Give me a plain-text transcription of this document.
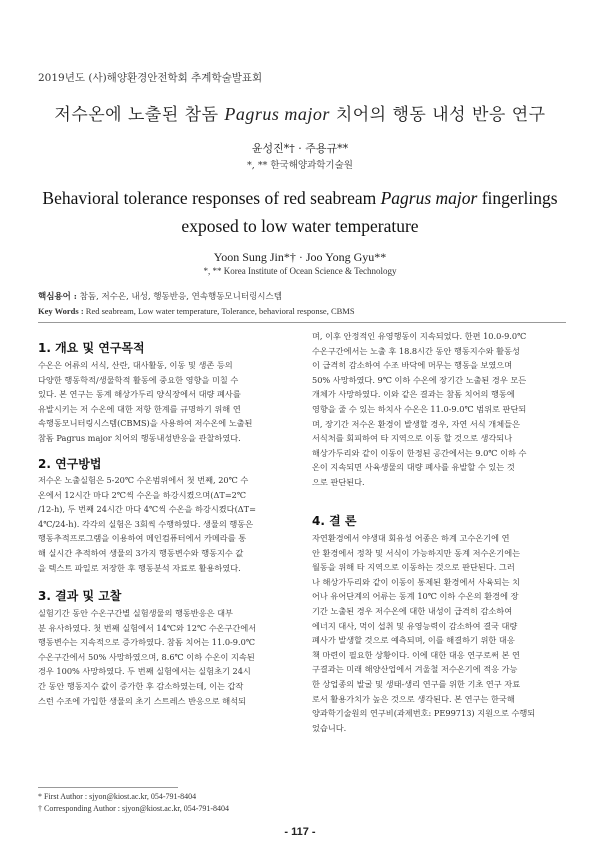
2019년도 (사)해양환경안전학회 추계학술발표회
저수온에 노출된 참돔 Pagrus major 치어의 행동 내성 반응 연구
윤성진*† · 주용규**
*, ** 한국해양과학기술원
Behavioral tolerance responses of red seabream Pagrus major fingerlings exposed to low water temperature
Yoon Sung Jin*† · Joo Yong Gyu**
*, ** Korea Institute of Ocean Science & Technology
핵심용어 : 참돔, 저수온, 내성, 행동반응, 연속행동모니터링시스템
Key Words : Red seabream, Low water temperature, Tolerance, behavioral response, CBMS
1. 개요 및 연구목적

수온은 어류의 서식, 산란, 대사활동, 이동 및 생존 등의
다양한 행동학적/생물학적 활동에 중요한 영향을 미칠 수
있다. 본 연구는 동계 해상가두리 양식장에서 대량 폐사를
유발시키는 저 수온에 대한 저항 한계를 규명하기 위해 연
속행동모니터링시스템(CBMS)을 사용하여 저수온에 노출된
참돔 Pagrus major 치어의 행동내성반응을 관찰하였다.

2. 연구방법

저수온 노출실험은 5-20℃ 수온범위에서 첫 번째, 20℃ 수
온에서 12시간 마다 2℃씩 수온을 하강시켰으며(ΔT=2℃
/12-h), 두 번째 24시간 마다 4℃씩 수온을 하강시켰다(ΔT=
4℃/24-h). 각각의 실험은 3회씩 수행하였다. 생물의 행동은
행동추적프로그램을 이용하여 메인컴퓨터에서 카메라를 통
해 실시간 추적하여 생물의 3가지 행동변수와 행동지수 값
을 텍스트 파일로 저장한 후 행동분석 자료로 활용하였다.

3. 결과 및 고찰

실험기간 동안 수온구간별 실험생물의 행동반응은 대부
분 유사하였다. 첫 번째 실험에서 14℃와 12℃ 수온구간에서
행동변수는 지속적으로 증가하였다. 참돔 치어는 11.0-9.0℃
수온구간에서 50% 사망하였으며, 8.6℃ 이하 수온이 지속된
경우 100% 사망하였다. 두 번째 실험에서는 실험초기 24시
간 동안 행동지수 값이 증가한 후 감소하였는데, 이는 갑작
스런 수조에 가입한 생물의 초기 스트레스 반응으로 해석되

며, 이후 안정적인 유영행동이 지속되었다. 한편 10.0-9.0℃
수온구간에서는 노출 후 18.8시간 동안 행동지수와 활동성
이 급격히 감소하여 수조 바닥에 머무는 행동을 보였으며
50% 사망하였다. 9℃ 이하 수온에 장기간 노출된 경우 모든
개체가 사망하였다. 이와 같은 결과는 참돔 치어의 행동에
영향을 줄 수 있는 하치사 수온은 11.0-9.0℃ 범위로 판단되
며, 장기간 저수온 환경이 발생할 경우, 자연 서식 개체들은
서식처를 회피하여 타 지역으로 이동 할 것으로 생각되나
해상가두리와 같이 이동이 한정된 공간에서는 9.0℃ 이하 수
온이 지속되면 사육생물의 대량 폐사를 유발할 수 있는 것
으로 판단된다.

4. 결 론

자연환경에서 야생대 회유성 어종은 하계 고수온기에 연
안 환경에서 정착 및 서식이 가능하지만 동계 저수온기에는
월동을 위해 타 지역으로 이동하는 것으로 판단된다. 그러
나 해상가두리와 같이 이동이 통제된 환경에서 사육되는 치
어나 유어단계의 어류는 동계 10℃ 이하 수온의 환경에 장
기간 노출된 경우 저수온에 대한 내성이 급격히 감소하여
에너지 대사, 먹이 섭취 및 유영능력이 감소하여 결국 대량
폐사가 발생할 것으로 예측되며, 이를 해결하기 위한 대응
책 마련이 필요한 상황이다. 이에 대한 대응 연구로써 본 연
구결과는 미래 해양산업에서 겨울철 저수온기에 적응 가능
한 상업종의 발굴 및 생태-생리 연구를 위한 기초 연구 자료
로서 활용가치가 높은 것으로 생각된다. 본 연구는 한국해
양과학기술원의 연구비(과제번호: PE99713) 지원으로 수행되
었습니다.

* First Author : sjyon@kiost.ac.kr, 054-791-8404
† Corresponding Author : sjyon@kiost.ac.kr, 054-791-8404
- 117 -
